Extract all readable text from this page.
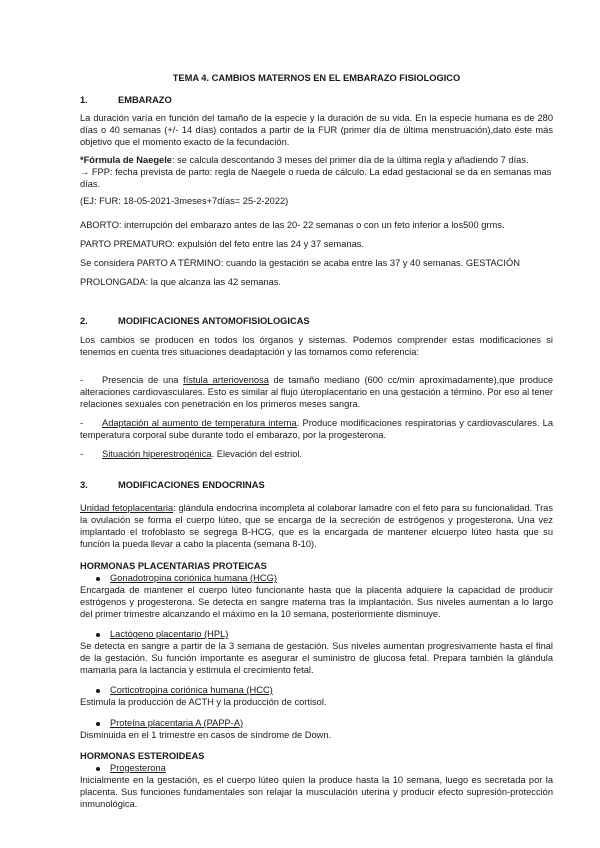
TEMA 4. CAMBIOS MATERNOS EN EL EMBARAZO FISIOLOGICO
1.	EMBARAZO

La duración varía en función del tamaño de la especie y la duración de su vida. En la especie humana es de 280 días o 40 semanas (+/- 14 días) contados a partir de la FUR (primer día de última menstruación),dato éste más objetivo que el momento exacto de la fecundación.

*Fórmula de Naegele: se calcula descontando 3 meses del primer día de la última regla y añadiendo 7 días.
→ FPP: fecha prevista de parto: regla de Naegele o rueda de cálculo. La edad gestacional se da en semanas mas días.

(EJ: FUR: 18-05-2021-3meses+7días= 25-2-2022)

ABORTO: interrupción del embarazo antes de las 20- 22 semanas o con un feto inferior a los500 grms.

PARTO PREMATURO: expulsión del feto entre las 24 y 37 semanas.

Se considera PARTO A TÉRMINO: cuando la gestación se acaba entre las 37 y 40 semanas. GESTACIÓN

PROLONGADA: la que alcanza las 42 semanas.

2.	MODIFICACIONES ANTOMOFISIOLOGICAS

Los cambios se producen en todos los órganos y sistemas. Podemos comprender estas modificaciones si tenemos en cuenta tres situaciones deadaptación y las tomamos como referencia:

- Presencia de una fístula arteriovenosa de tamaño mediano (600 cc/min aproximadamente),que produce alteraciones cardiovasculares. Esto es similar al flujo úteroplacentario en una gestación a término. Por eso al tener relaciones sexuales con penetración en los primeros meses sangra.

- Adaptación al aumento de temperatura interna. Produce modificaciones respiratorias y cardiovasculares. La temperatura corporal sube durante todo el embarazo, por la progesterona.

- Situación hiperestrogénica. Elevación del estriol.

3.	MODIFICACIONES ENDOCRINAS

Unidad fetoplacentaria: glándula endocrina incompleta al colaborar lamadre con el feto para su funcionalidad. Tras la ovulación se forma el cuerpo lúteo, que se encarga de la secreción de estrógenos y progesterona. Una vez implantado el trofoblasto se segrega B-HCG, que es la encargada de mantener elcuerpo lúteo hasta que su función la pueda llevar a cabo la placenta (semana 8-10).

HORMONAS PLACENTARIAS PROTEICAS
Gonadotropina coriónica humana (HCG)

Encargada de mantener el cuerpo lúteo funcionante hasta que la placenta adquiere la capacidad de producir estrógenos y progesterona. Se detecta en sangre materna tras la implantación. Sus niveles aumentan a lo largo del primer trimestre alcanzando el máximo en la 10 semana, posteriormente disminuye.

Lactógeno placentario (HPL)

Se detecta en sangre a partir de la 3 semana de gestación. Sus niveles aumentan progresivamente hasta el final de la gestación. Su función importante es asegurar el suministro de glucosa fetal. Prepara también la glándula mamaria para la lactancia y estimula el crecimiento fetal.

Corticotropina coriónica humana (HCC)

Estimula la producción de ACTH y la producción de cortisol.

Proteína placentaria A (PAPP-A)

Disminuida en el 1 trimestre en casos de síndrome de Down.

HORMONAS ESTEROIDEAS
Progesterona

Inicialmente en la gestación, es el cuerpo lúteo quien la produce hasta la 10 semana, luego es secretada por la placenta. Sus funciones fundamentales son relajar la musculación uterina y producir efecto supresión-protección inmunológica.
